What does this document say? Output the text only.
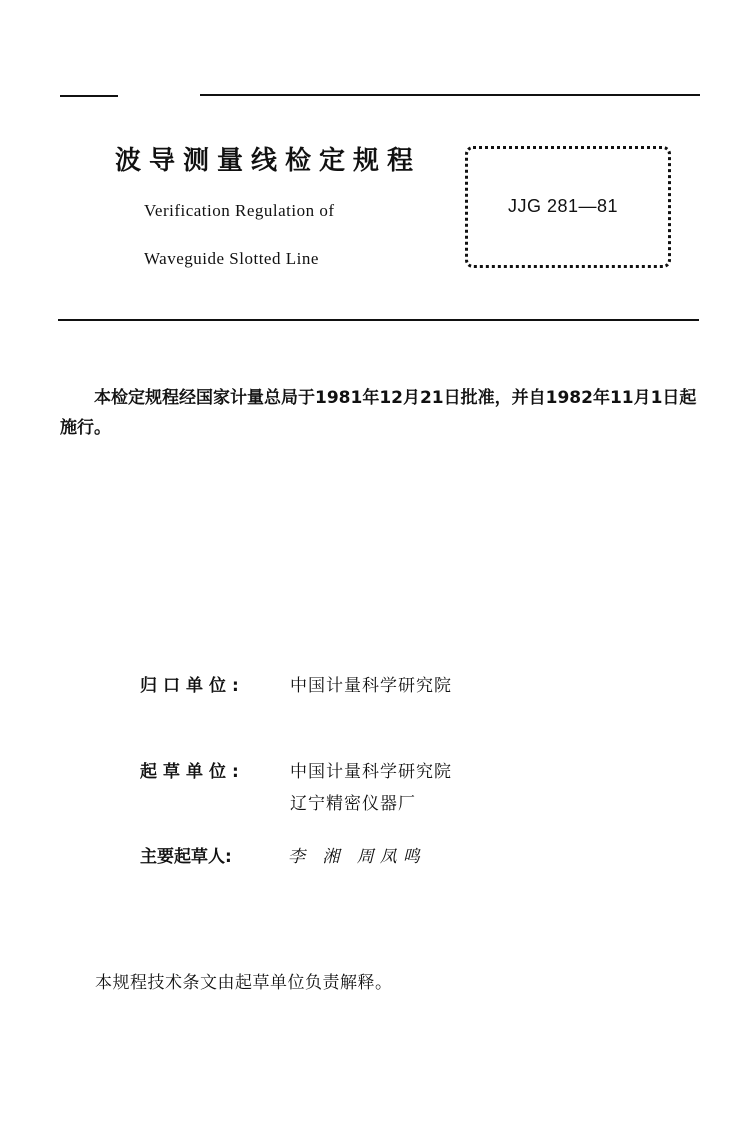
波导测量线检定规程
Verification Regulation of
Waveguide Slotted Line
JJG 281—81
本检定规程经国家计量总局于1981年12月21日批准，并自1982年11月1日起施行。
归口单位:	中国计量科学研究院
起草单位:	中国计量科学研究院
辽宁精密仪器厂
主要起草人:	李 湘 周凤鸣
本规程技术条文由起草单位负责解释。
